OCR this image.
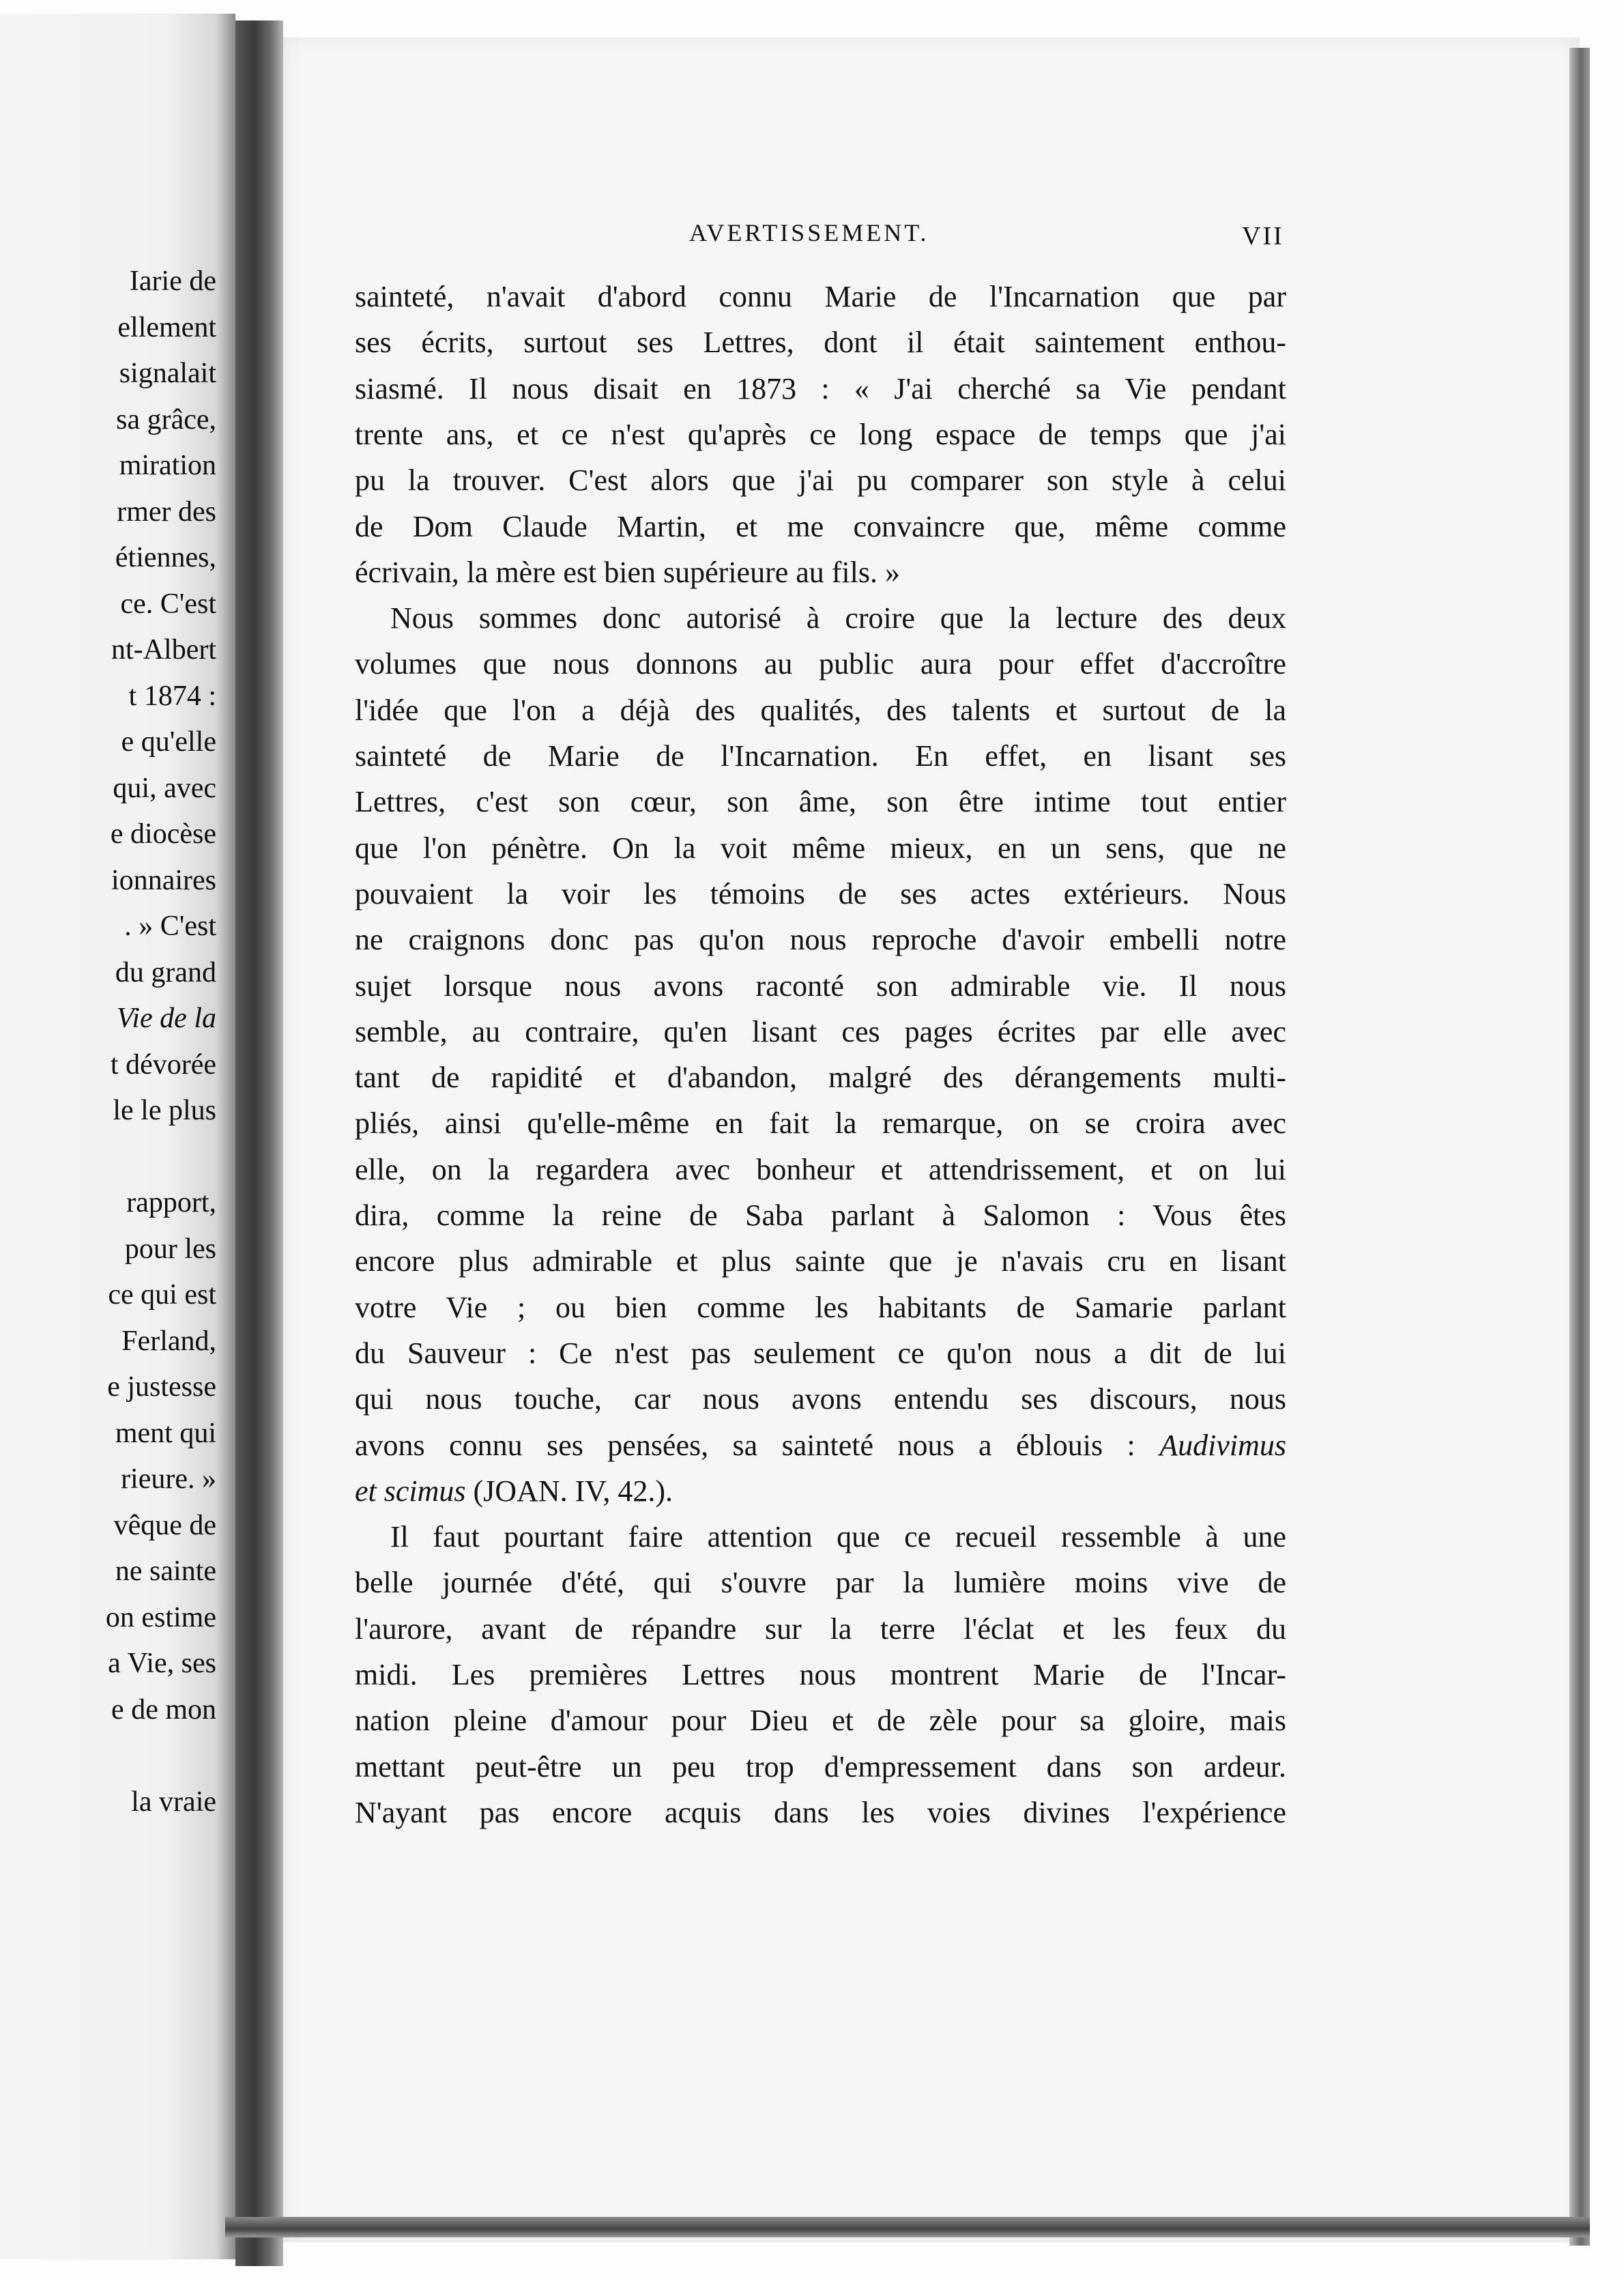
Iarie de
ellement
signalait
sa grâce,
miration
rmer des
étiennes,
ce. C'est
nt-Albert
t 1874 :
e qu'elle
qui, avec
e diocèse
ionnaires
. » C'est
du grand
Vie de la
t dévorée
le le plus
rapport,
pour les
ce qui est
Ferland,
e justesse
ment qui
rieure. »
vêque de
ne sainte
on estime
a Vie, ses
e de mon
la vraie
AVERTISSEMENT.	VII
sainteté, n'avait d'abord connu Marie de l'Incarnation que par
ses écrits, surtout ses Lettres, dont il était saintement enthou-
siasmé. Il nous disait en 1873 : « J'ai cherché sa Vie pendant
trente ans, et ce n'est qu'après ce long espace de temps que j'ai
pu la trouver. C'est alors que j'ai pu comparer son style à celui
de Dom Claude Martin, et me convaincre que, même comme
écrivain, la mère est bien supérieure au fils. »
Nous sommes donc autorisé à croire que la lecture des deux
volumes que nous donnons au public aura pour effet d'accroître
l'idée que l'on a déjà des qualités, des talents et surtout de la
sainteté de Marie de l'Incarnation. En effet, en lisant ses
Lettres, c'est son cœur, son âme, son être intime tout entier
que l'on pénètre. On la voit même mieux, en un sens, que ne
pouvaient la voir les témoins de ses actes extérieurs. Nous
ne craignons donc pas qu'on nous reproche d'avoir embelli notre
sujet lorsque nous avons raconté son admirable vie. Il nous
semble, au contraire, qu'en lisant ces pages écrites par elle avec
tant de rapidité et d'abandon, malgré des dérangements multi-
pliés, ainsi qu'elle-même en fait la remarque, on se croira avec
elle, on la regardera avec bonheur et attendrissement, et on lui
dira, comme la reine de Saba parlant à Salomon : Vous êtes
encore plus admirable et plus sainte que je n'avais cru en lisant
votre Vie ; ou bien comme les habitants de Samarie parlant
du Sauveur : Ce n'est pas seulement ce qu'on nous a dit de lui
qui nous touche, car nous avons entendu ses discours, nous
avons connu ses pensées, sa sainteté nous a éblouis : Audivimus
et scimus (JOAN. IV, 42.).
Il faut pourtant faire attention que ce recueil ressemble à une
belle journée d'été, qui s'ouvre par la lumière moins vive de
l'aurore, avant de répandre sur la terre l'éclat et les feux du
midi. Les premières Lettres nous montrent Marie de l'Incar-
nation pleine d'amour pour Dieu et de zèle pour sa gloire, mais
mettant peut-être un peu trop d'empressement dans son ardeur.
N'ayant pas encore acquis dans les voies divines l'expérience
